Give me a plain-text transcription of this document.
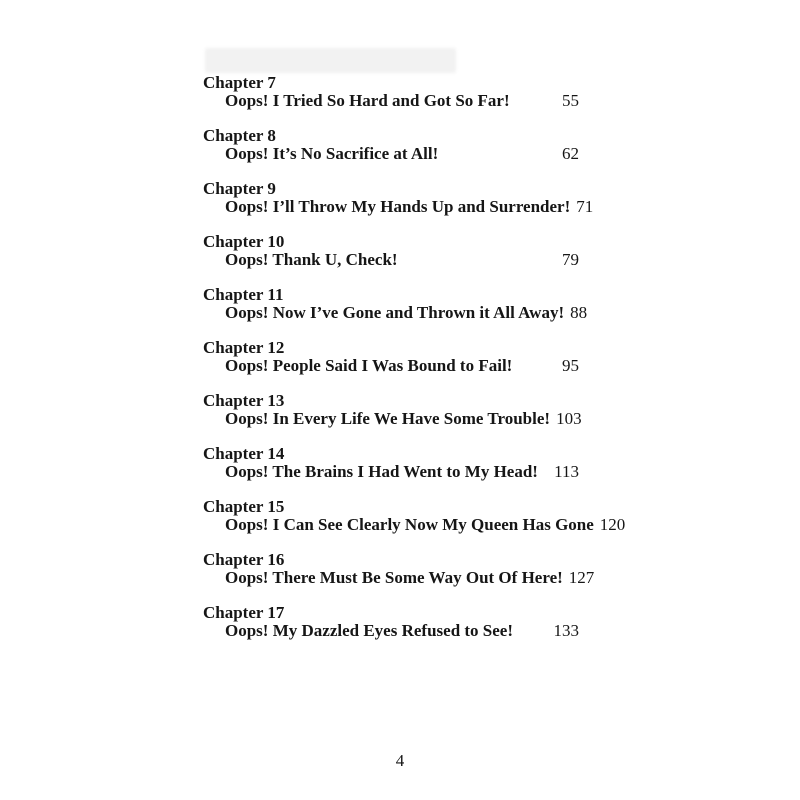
Chapter 7
Oops! I Tried So Hard and Got So Far!	55
Chapter 8
Oops! It’s No Sacrifice at All!	62
Chapter 9
Oops! I’ll Throw My Hands Up and Surrender! 71
Chapter 10
Oops! Thank U, Check!	79
Chapter 11
Oops! Now I’ve Gone and Thrown it All Away! 88
Chapter 12
Oops! People Said I Was Bound to Fail!	95
Chapter 13
Oops! In Every Life We Have Some Trouble! 103
Chapter 14
Oops! The Brains I Had Went to My Head! 113
Chapter 15
Oops! I Can See Clearly Now My Queen Has Gone 120
Chapter 16
Oops! There Must Be Some Way Out Of Here! 127
Chapter 17
Oops! My Dazzled Eyes Refused to See! 133
4
